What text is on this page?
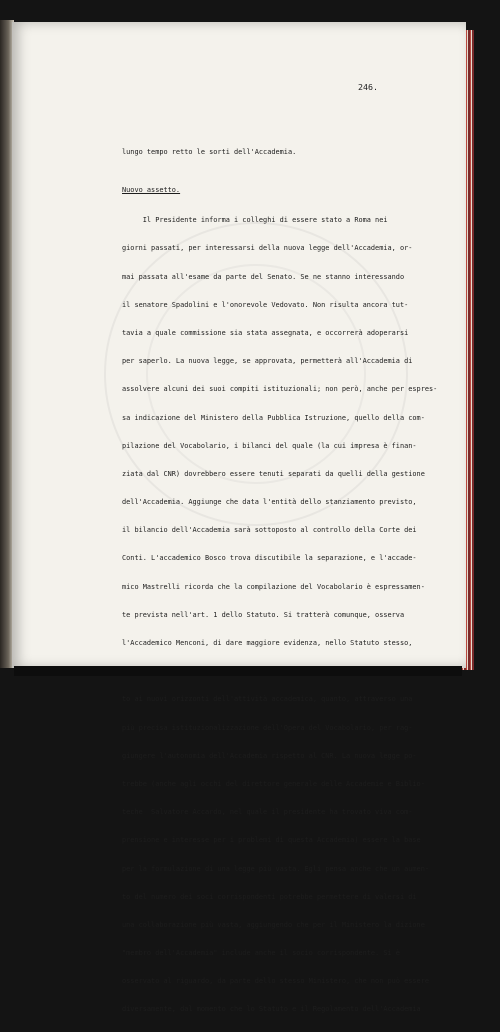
246.

lungo tempo retto le sorti dell'Accademia.

Nuovo assetto.

Il Presidente informa i colleghi di essere stato a Roma nei

giorni passati, per interessarsi della nuova legge dell'Accademia, or-

mai passata all'esame da parte del Senato. Se ne stanno interessando

il senatore Spadolini e l'onorevole Vedovato. Non risulta ancora tut-

tavia a quale commissione sia stata assegnata, e occorrerà adoperarsi

per saperlo. La nuova legge, se approvata, permetterà all'Accademia di

assolvere alcuni dei suoi compiti istituzionali; non però, anche per espres-

sa indicazione del Ministero della Pubblica Istruzione, quello della com-

pilazione del Vocabolario, i bilanci del quale (la cui impresa è finan-

ziata dal CNR) dovrebbero essere tenuti separati da quelli della gestione

dell'Accademia. Aggiunge che data l'entità dello stanziamento previsto,

il bilancio dell'Accademia sarà sottoposto al controllo della Corte dei

Conti. L'accademico Bosco trova discutibile la separazione, e l'accade-

mico Mastrelli ricorda che la compilazione del Vocabolario è espressamen-

te prevista nell'art. 1 dello Statuto. Si tratterà comunque, osserva

l'Accademico Menconi, di dare maggiore evidenza, nello Statuto stesso,

to ai nuovi orizzonti dell'attività accademica, quanto, attraverso una

più precisa istituzionalizzazione dell'Opera del Vocabolario, per rag-

giungere l'autonomia dell'Accademia rispetto al CNR. La nuova legge po-

trebbe (anche agli occhi del direttore generale delle Accademie e Biblio-

teche  Salvatore Accardo, nel quale il presidente ha trovato viva com-

prensione e interesse per i problemi di questa Accademia) essere la base

per la formulazione di una legge più vasta. Egli pensa anche che un aumen-

to del numero dei soci corrispondenti potrebbe permettere di valersi di

una collaborazione più vasta, aggiungendo che per il Ministero la dizione

"membro dell'Accademia" include anche il socio corrispondente. Si è

osservato al riguardo, da parte dello stesso Ministero, che non può essere

diversamente, dal momento che lo Statuto e il Regolamento dell'Accademia
